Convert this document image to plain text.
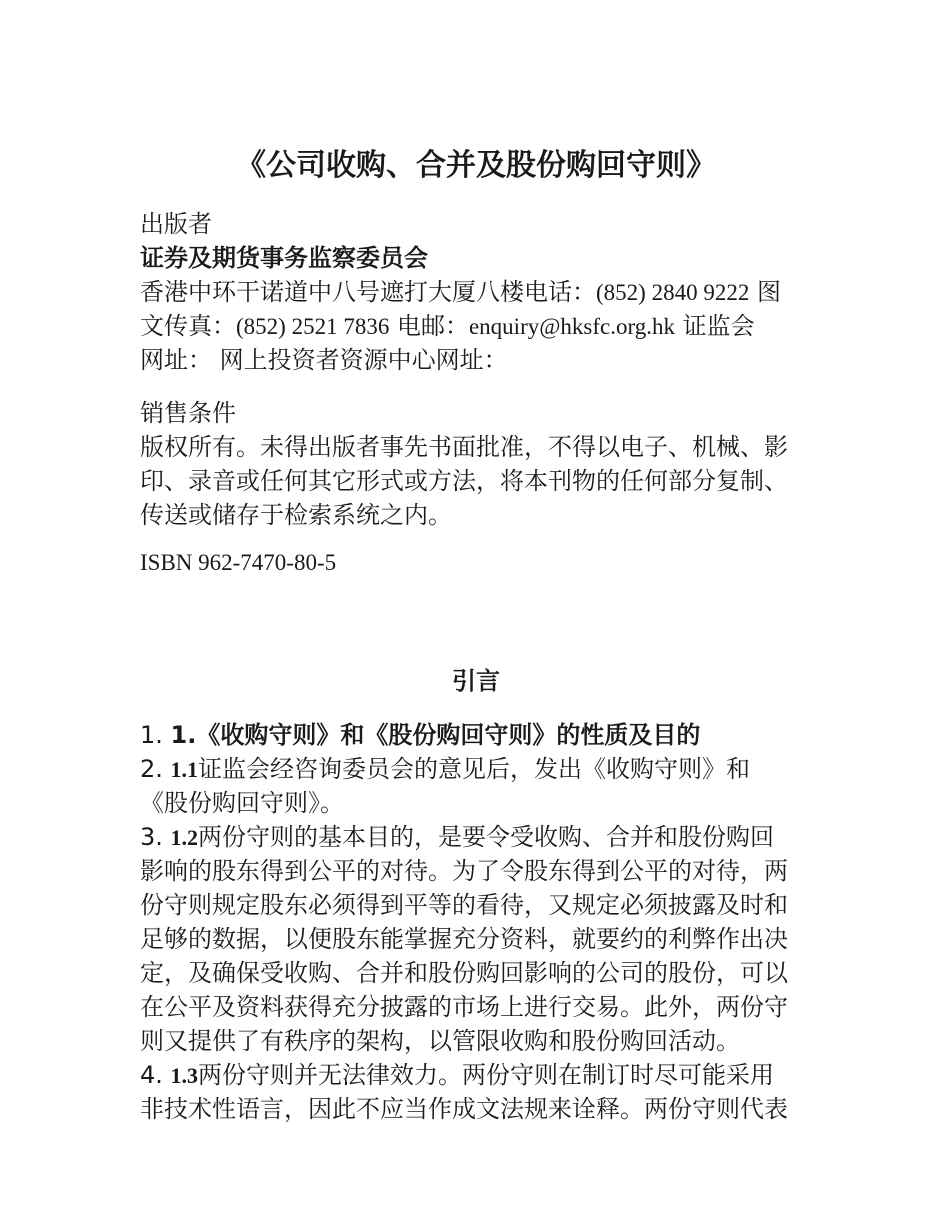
《公司收购、合并及股份购回守则》
出版者
证券及期货事务监察委员会
香港中环干诺道中八号遮打大厦八楼电话：(852) 2840 9222 图
文传真：(852) 2521 7836 电邮：enquiry@hksfc.org.hk 证监会
网址： 网上投资者资源中心网址：
销售条件
版权所有。未得出版者事先书面批准，不得以电子、机械、影
印、录音或任何其它形式或方法，将本刊物的任何部分复制、
传送或储存于检索系统之内。
ISBN 962-7470-80-5
引言
1. 1.《收购守则》和《股份购回守则》的性质及目的
2. 1.1证监会经咨询委员会的意见后，发出《收购守则》和
《股份购回守则》。
3. 1.2两份守则的基本目的，是要令受收购、合并和股份购回
影响的股东得到公平的对待。为了令股东得到公平的对待，两
份守则规定股东必须得到平等的看待，又规定必须披露及时和
足够的数据，以便股东能掌握充分资料，就要约的利弊作出决
定，及确保受收购、合并和股份购回影响的公司的股份，可以
在公平及资料获得充分披露的市场上进行交易。此外，两份守
则又提供了有秩序的架构，以管限收购和股份购回活动。
4. 1.3两份守则并无法律效力。两份守则在制订时尽可能采用
非技术性语言，因此不应当作成文法规来诠释。两份守则代表
